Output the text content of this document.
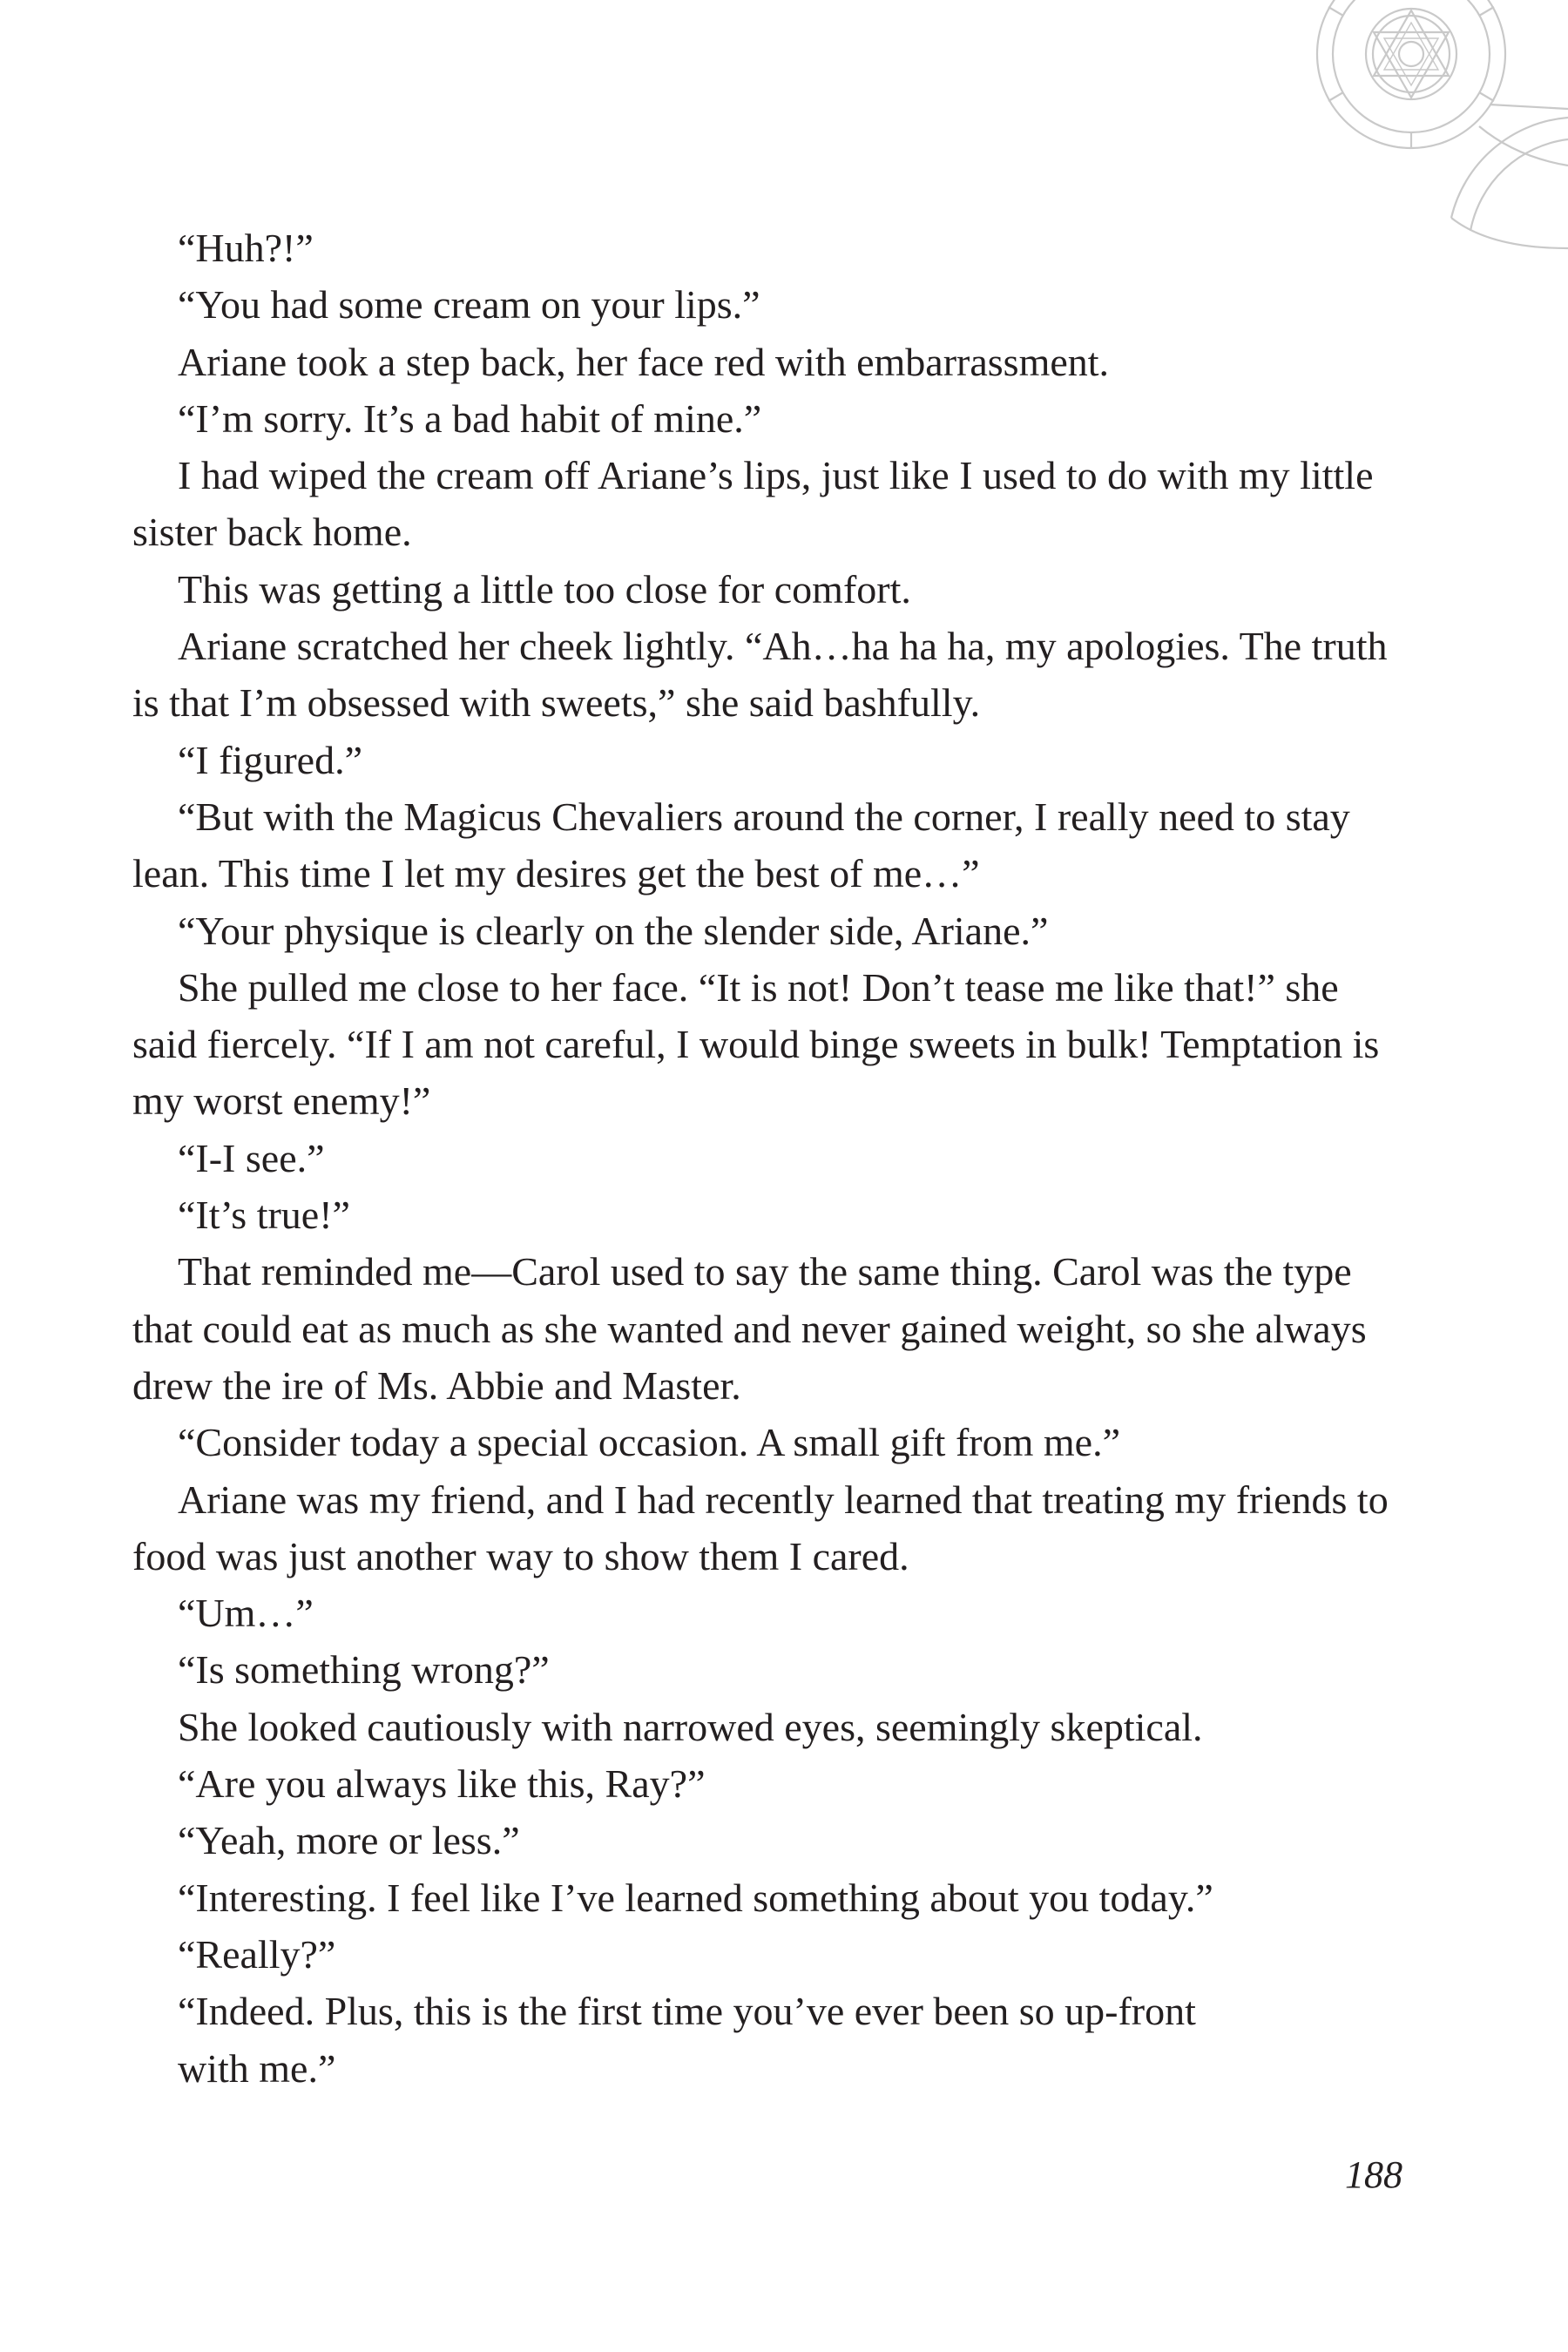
“Huh?!”

“You had some cream on your lips.”

Ariane took a step back, her face red with embarrassment.

“I’m sorry. It’s a bad habit of mine.”

I had wiped the cream off Ariane’s lips, just like I used to do with my little sister back home.

This was getting a little too close for comfort.

Ariane scratched her cheek lightly. “Ah…ha ha ha, my apologies. The truth is that I’m obsessed with sweets,” she said bashfully.

“I figured.”

“But with the Magicus Chevaliers around the corner, I really need to stay lean. This time I let my desires get the best of me…”

“Your physique is clearly on the slender side, Ariane.”

She pulled me close to her face. “It is not! Don’t tease me like that!” she said fiercely. “If I am not careful, I would binge sweets in bulk! Temptation is my worst enemy!”

“I-I see.”

“It’s true!”

That reminded me—Carol used to say the same thing. Carol was the type that could eat as much as she wanted and never gained weight, so she always drew the ire of Ms. Abbie and Master.

“Consider today a special occasion. A small gift from me.”

Ariane was my friend, and I had recently learned that treating my friends to food was just another way to show them I cared.

“Um…”

“Is something wrong?”

She looked cautiously with narrowed eyes, seemingly skeptical.

“Are you always like this, Ray?”

“Yeah, more or less.”

“Interesting. I feel like I’ve learned something about you today.”

“Really?”

“Indeed. Plus, this is the first time you’ve ever been so up-front with me.”

188
